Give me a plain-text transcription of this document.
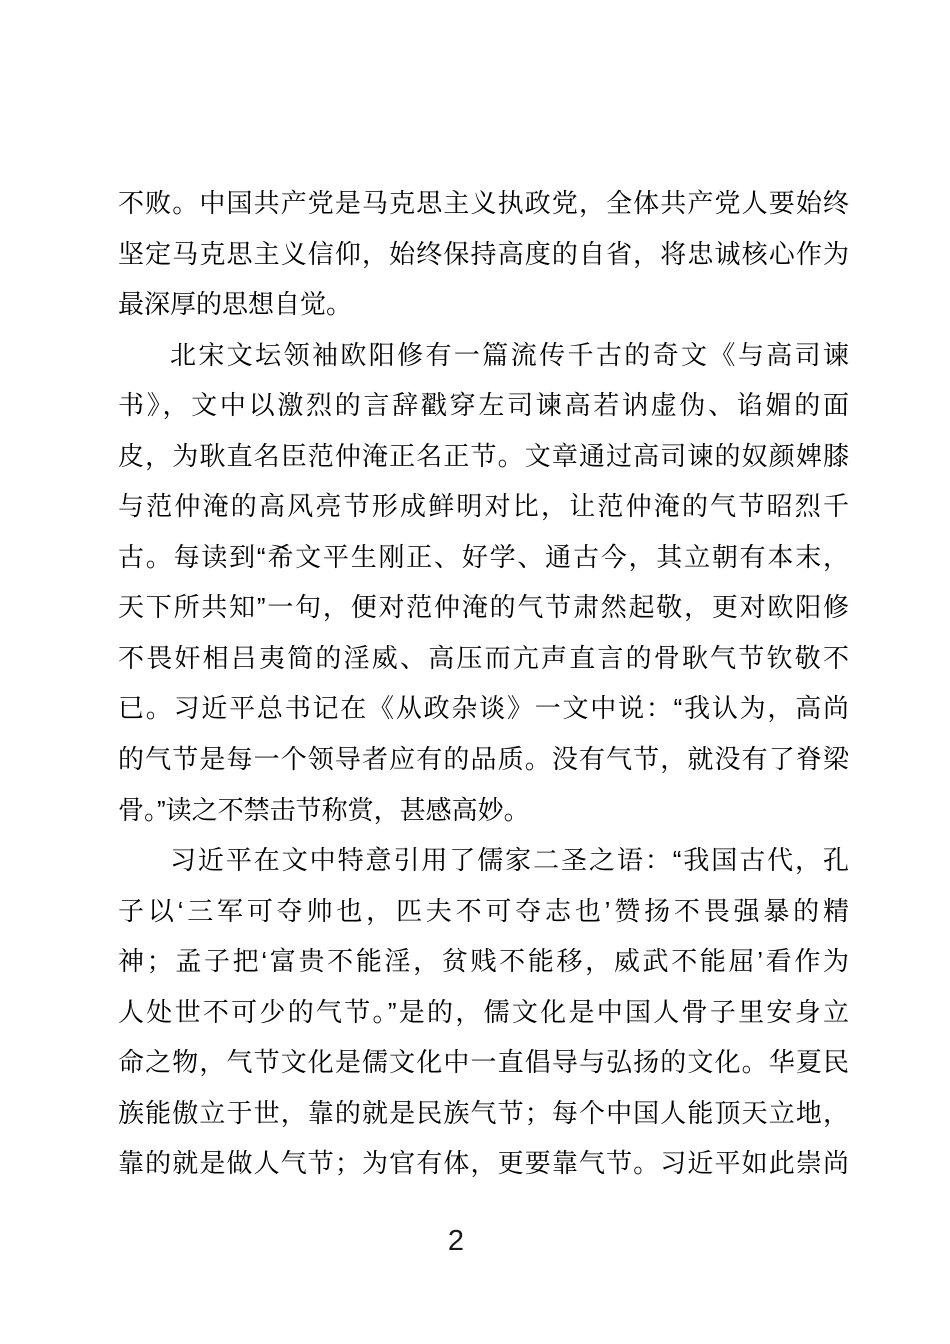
不败。中国共产党是马克思主义执政党，全体共产党人要始终
坚定马克思主义信仰，始终保持高度的自省，将忠诚核心作为
最深厚的思想自觉。
北宋文坛领袖欧阳修有一篇流传千古的奇文《与高司谏
书》，文中以激烈的言辞戳穿左司谏高若讷虚伪、谄媚的面
皮，为耿直名臣范仲淹正名正节。文章通过高司谏的奴颜婢膝
与范仲淹的高风亮节形成鲜明对比，让范仲淹的气节昭烈千
古。每读到“希文平生刚正、好学、通古今，其立朝有本末，
天下所共知”一句，便对范仲淹的气节肃然起敬，更对欧阳修
不畏奸相吕夷简的淫威、高压而亢声直言的骨耿气节钦敬不
已。习近平总书记在《从政杂谈》一文中说：“我认为，高尚
的气节是每一个领导者应有的品质。没有气节，就没有了脊梁
骨。”读之不禁击节称赏，甚感高妙。
习近平在文中特意引用了儒家二圣之语：“我国古代，孔
子以‘三军可夺帅也，匹夫不可夺志也’赞扬不畏强暴的精
神；孟子把‘富贵不能淫，贫贱不能移，威武不能屈’看作为
人处世不可少的气节。”是的，儒文化是中国人骨子里安身立
命之物，气节文化是儒文化中一直倡导与弘扬的文化。华夏民
族能傲立于世，靠的就是民族气节；每个中国人能顶天立地，
靠的就是做人气节；为官有体，更要靠气节。习近平如此崇尚
2
